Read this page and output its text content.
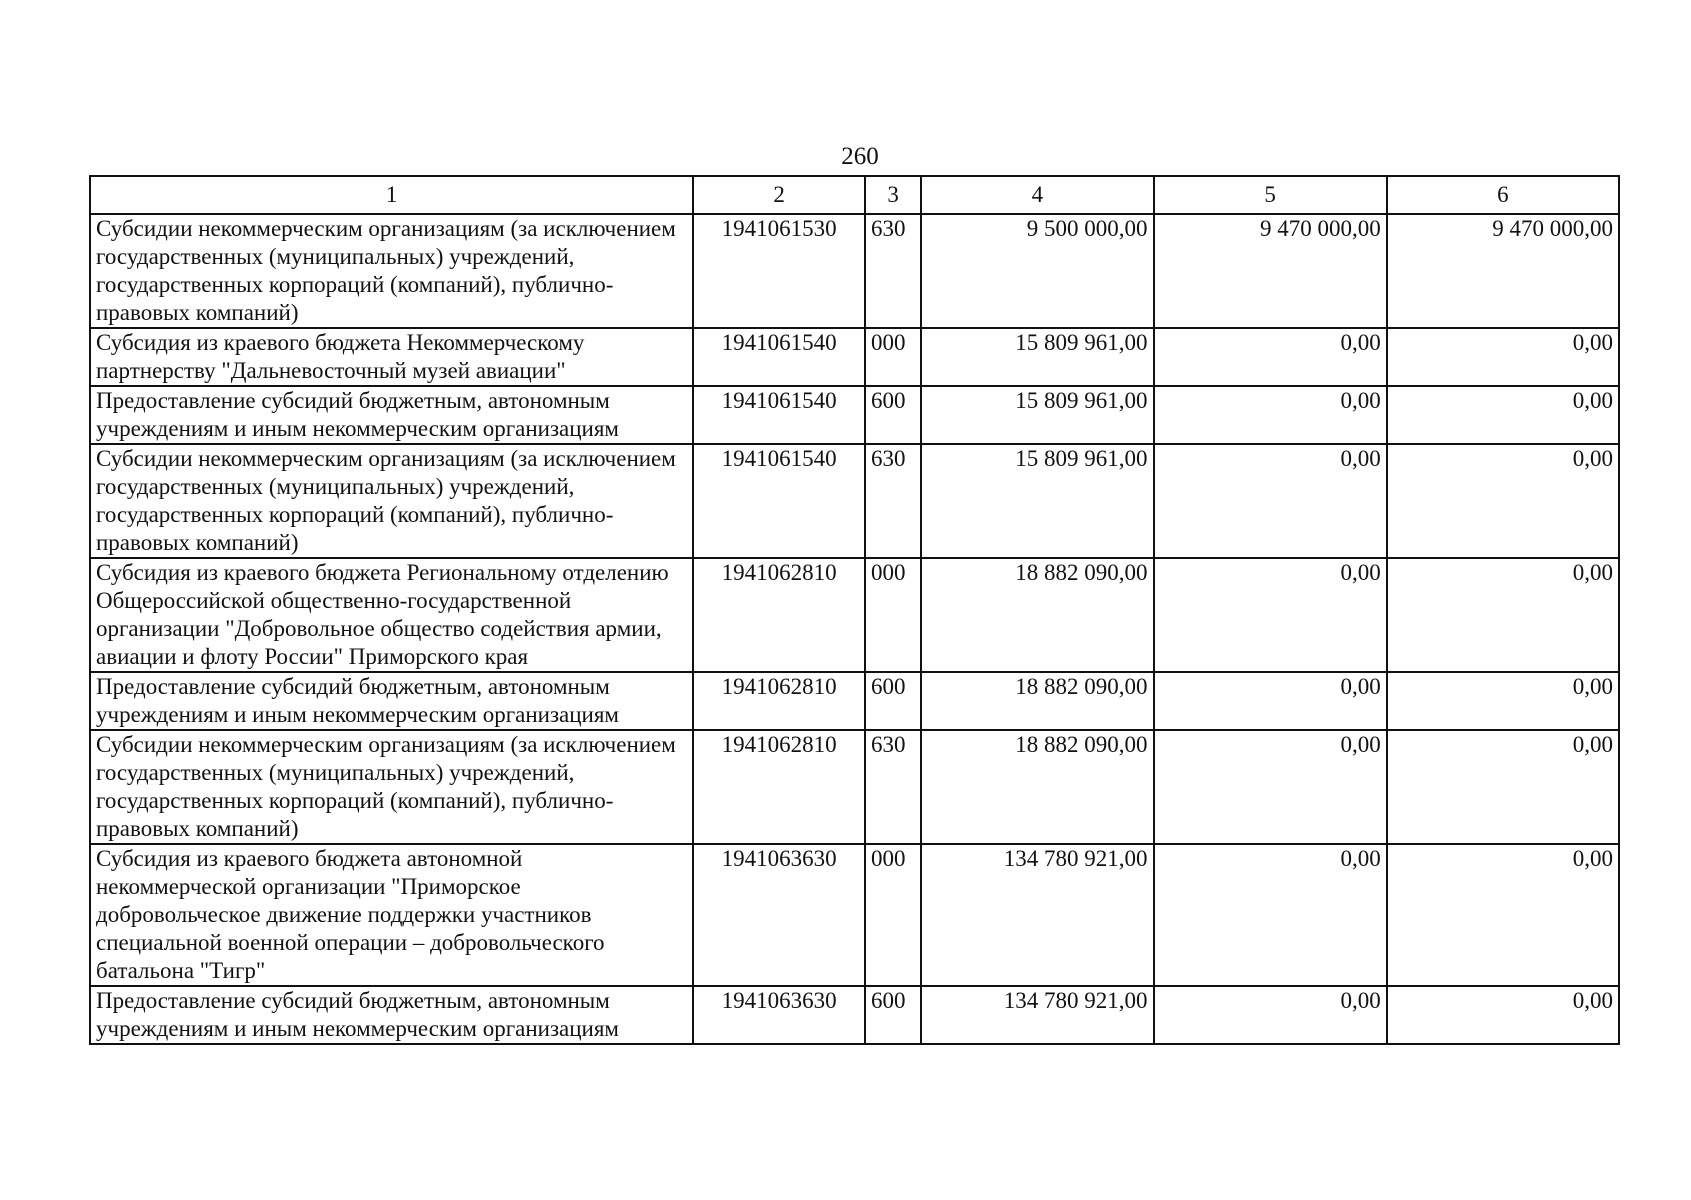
260
1	2	3	4	5	6
Субсидии некоммерческим организациям (за исключением государственных (муниципальных) учреждений, государственных корпораций (компаний), публично-правовых компаний)	1941061530	630	9 500 000,00	9 470 000,00	9 470 000,00
Субсидия из краевого бюджета Некоммерческому партнерству "Дальневосточный музей авиации"	1941061540	000	15 809 961,00	0,00	0,00
Предоставление субсидий бюджетным, автономным учреждениям и иным некоммерческим организациям	1941061540	600	15 809 961,00	0,00	0,00
Субсидии некоммерческим организациям (за исключением государственных (муниципальных) учреждений, государственных корпораций (компаний), публично-правовых компаний)	1941061540	630	15 809 961,00	0,00	0,00
Субсидия из краевого бюджета Региональному отделению Общероссийской общественно-государственной организации "Добровольное общество содействия армии, авиации и флоту России" Приморского края	1941062810	000	18 882 090,00	0,00	0,00
Предоставление субсидий бюджетным, автономным учреждениям и иным некоммерческим организациям	1941062810	600	18 882 090,00	0,00	0,00
Субсидии некоммерческим организациям (за исключением государственных (муниципальных) учреждений, государственных корпораций (компаний), публично-правовых компаний)	1941062810	630	18 882 090,00	0,00	0,00
Субсидия из краевого бюджета автономной некоммерческой организации "Приморское добровольческое движение поддержки участников специальной военной операции – добровольческого батальона "Тигр"	1941063630	000	134 780 921,00	0,00	0,00
Предоставление субсидий бюджетным, автономным учреждениям и иным некоммерческим организациям	1941063630	600	134 780 921,00	0,00	0,00
